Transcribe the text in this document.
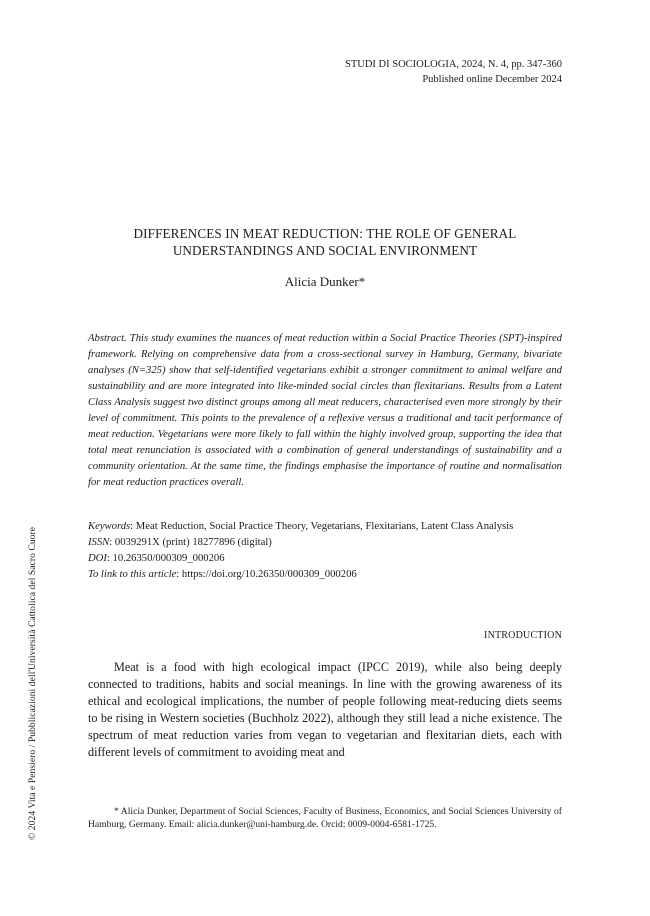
STUDI DI SOCIOLOGIA, 2024, N. 4, pp. 347-360
Published online December 2024
DIFFERENCES IN MEAT REDUCTION: THE ROLE OF GENERAL
UNDERSTANDINGS AND SOCIAL ENVIRONMENT
Alicia Dunker*
Abstract. This study examines the nuances of meat reduction within a Social Practice Theories (SPT)-inspired framework. Relying on comprehensive data from a cross-sectional survey in Hamburg, Germany, bivariate analyses (N=325) show that self-identified vegetarians exhibit a stronger commitment to animal welfare and sustainability and are more integrated into like-minded social circles than flexitarians. Results from a Latent Class Analysis suggest two distinct groups among all meat reducers, characterised even more strongly by their level of commitment. This points to the prevalence of a reflexive versus a traditional and tacit performance of meat reduction. Vegetarians were more likely to fall within the highly involved group, supporting the idea that total meat renunciation is associated with a combination of general understandings of sustainability and a community orientation. At the same time, the findings emphasise the importance of routine and normalisation for meat reduction practices overall.
Keywords: Meat Reduction, Social Practice Theory, Vegetarians, Flexitarians, Latent Class Analysis
ISSN: 0039291X (print) 18277896 (digital)
DOI: 10.26350/000309_000206
To link to this article: https://doi.org/10.26350/000309_000206
INTRODUCTION
Meat is a food with high ecological impact (IPCC 2019), while also being deeply connected to traditions, habits and social meanings. In line with the growing awareness of its ethical and ecological implications, the number of people following meat-reducing diets seems to be rising in Western societies (Buchholz 2022), although they still lead a niche existence. The spectrum of meat reduction varies from vegan to vegetarian and flexitarian diets, each with different levels of commitment to avoiding meat and
* Alicia Dunker, Department of Social Sciences, Faculty of Business, Economics, and Social Sciences University of Hamburg, Germany. Email: alicia.dunker@uni-hamburg.de. Orcid: 0009-0004-6581-1725.
© 2024 Vita e Pensiero / Pubblicazioni dell'Università Cattolica del Sacro Cuore
